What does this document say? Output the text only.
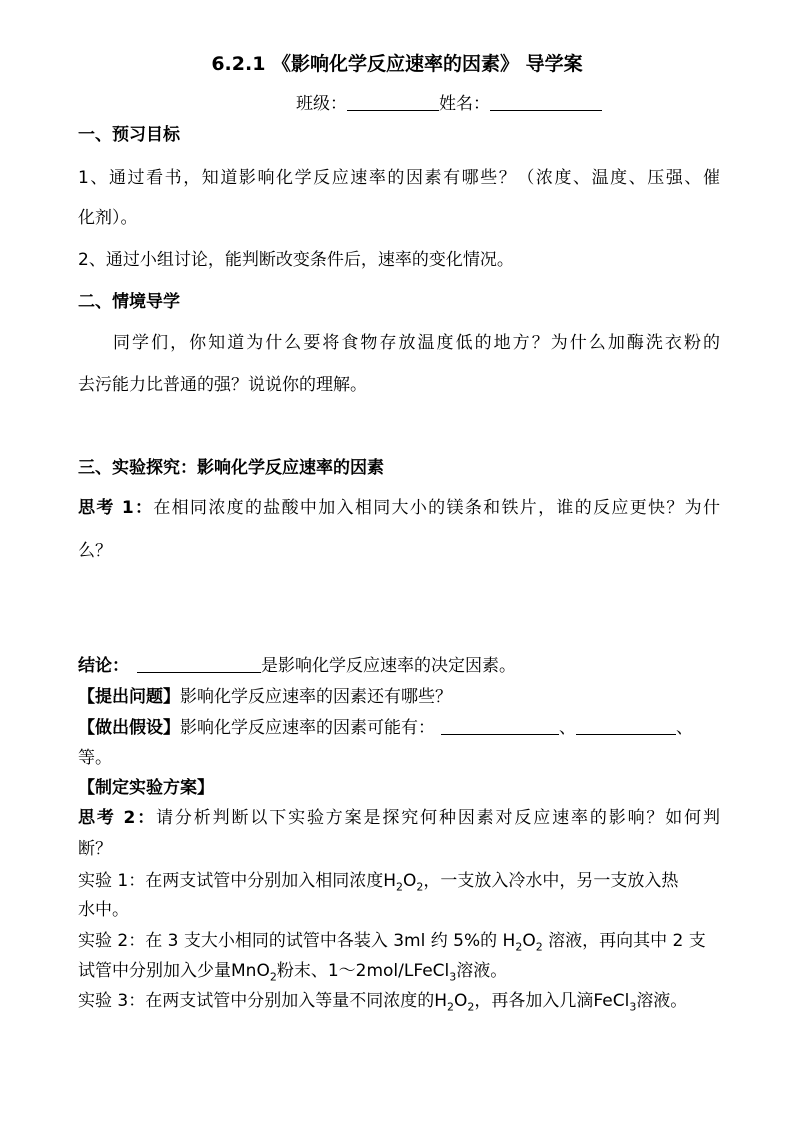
6.2.1 《影响化学反应速率的因素》 导学案
班级：	姓名：
一、预习目标
1、通过看书，知道影响化学反应速率的因素有哪些？（浓度、温度、压强、催
化剂）。
2、通过小组讨论，能判断改变条件后，速率的变化情况。
二、情境导学
同学们，你知道为什么要将食物存放温度低的地方？为什么加酶洗衣粉的
去污能力比普通的强？说说你的理解。
三、实验探究：影响化学反应速率的因素
思考 1：在相同浓度的盐酸中加入相同大小的镁条和铁片，谁的反应更快？为什
么？
结论：	是影响化学反应速率的决定因素。
【提出问题】影响化学反应速率的因素还有哪些？
【做出假设】影响化学反应速率的因素可能有：	、	、
等。
【制定实验方案】
思考 2：请分析判断以下实验方案是探究何种因素对反应速率的影响？如何判
断？
实验 1：在两支试管中分别加入相同浓度$H_2O_2$，一支放入冷水中，另一支放入热
水中。
实验 2：在 3 支大小相同的试管中各装入 3ml 约 5%的 $H_2O_2$ 溶液，再向其中 2 支
试管中分别加入少量MnO$_2$粉末、1～2mol/LFeCl$_3$溶液。
实验 3：在两支试管中分别加入等量不同浓度的$H_2O_2$，再各加入几滴FeCl$_3$溶液。
